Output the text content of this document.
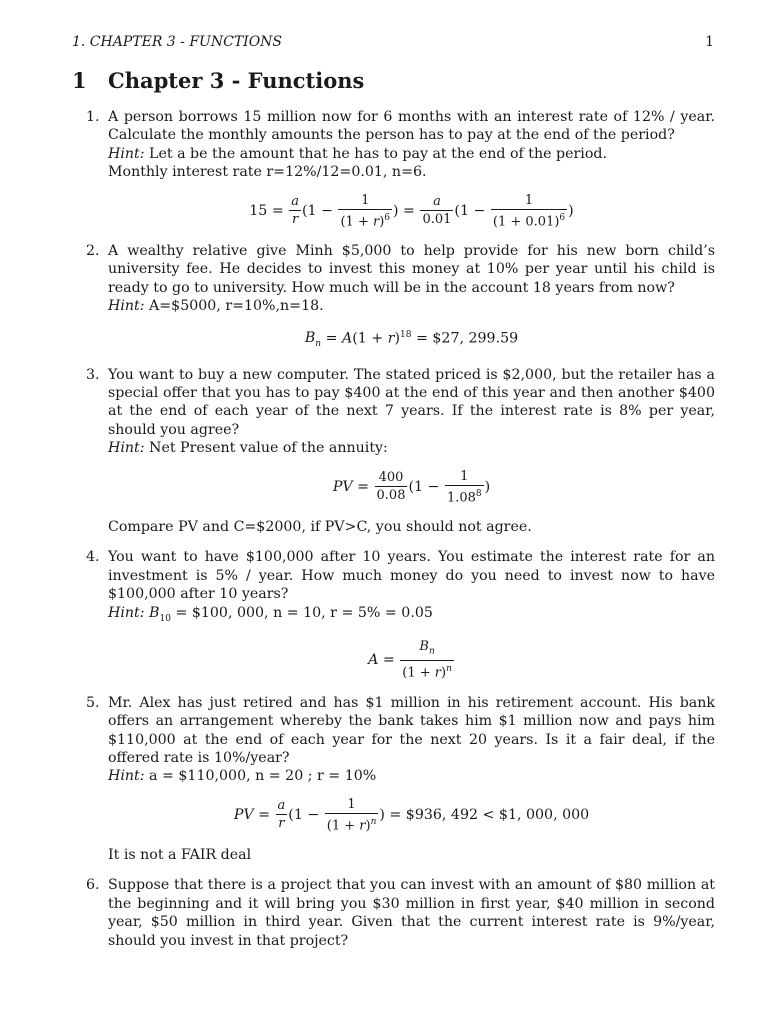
1. CHAPTER 3 - FUNCTIONS	1
1 Chapter 3 - Functions
1. A person borrows 15 million now for 6 months with an interest rate of 12% / year. Calculate the monthly amounts the person has to pay at the end of the period?
Hint: Let a be the amount that he has to pay at the end of the period.
Monthly interest rate r=12%/12=0.01, n=6.
$15 = \frac{a}{r} (1 - \frac{1}{(1 + r)^6}$ ) = $\frac{a}{0.01} (1 - \frac{1}{(1 + 0.01)^6}$ )
2. A wealthy relative give Minh $5,000 to help provide for his new born child’s university fee. He decides to invest this money at 10% per year until his child is ready to go to university. How much will be in the account 18 years from now?
Hint: A=$5000, r=10%,n=18.
$B_n = A(1 + r)^{18}$ = $27, 299.59
3. You want to buy a new computer. The stated priced is $2,000, but the retailer has a special offer that you has to pay $400 at the end of this year and then another $400 at the end of each year of the next 7 years. If the interest rate is 8% per year, should you agree?
Hint: Net Present value of the annuity:
PV = $\frac{400}{0.08} (1 - \frac{1}{1.08^8}$ )
Compare PV and C=$2000, if PV>C, you should not agree.
4. You want to have $100,000 after 10 years. You estimate the interest rate for an investment is 5% / year. How much money do you need to invest now to have $100,000 after 10 years?
Hint: $B_{10}$ = $100, 000, n = 10, r = 5% = 0.05
$A = \frac{B_n}{(1 + r)^n}$
5. Mr. Alex has just retired and has $1 million in his retirement account. His bank offers an arrangement whereby the bank takes him $1 million now and pays him $110,000 at the end of each year for the next 20 years. Is it a fair deal, if the offered rate is 10%/year?
Hint: a = $110,000, n = 20 ; r = 10%
PV = $\frac{a}{r} (1 - \frac{1}{(1 + r)^n}$ ) = $936, 492 < $1, 000, 000
It is not a FAIR deal
6. Suppose that there is a project that you can invest with an amount of $80 million at the beginning and it will bring you $30 million in first year, $40 million in second year, $50 million in third year. Given that the current interest rate is 9%/year, should you invest in that project?
